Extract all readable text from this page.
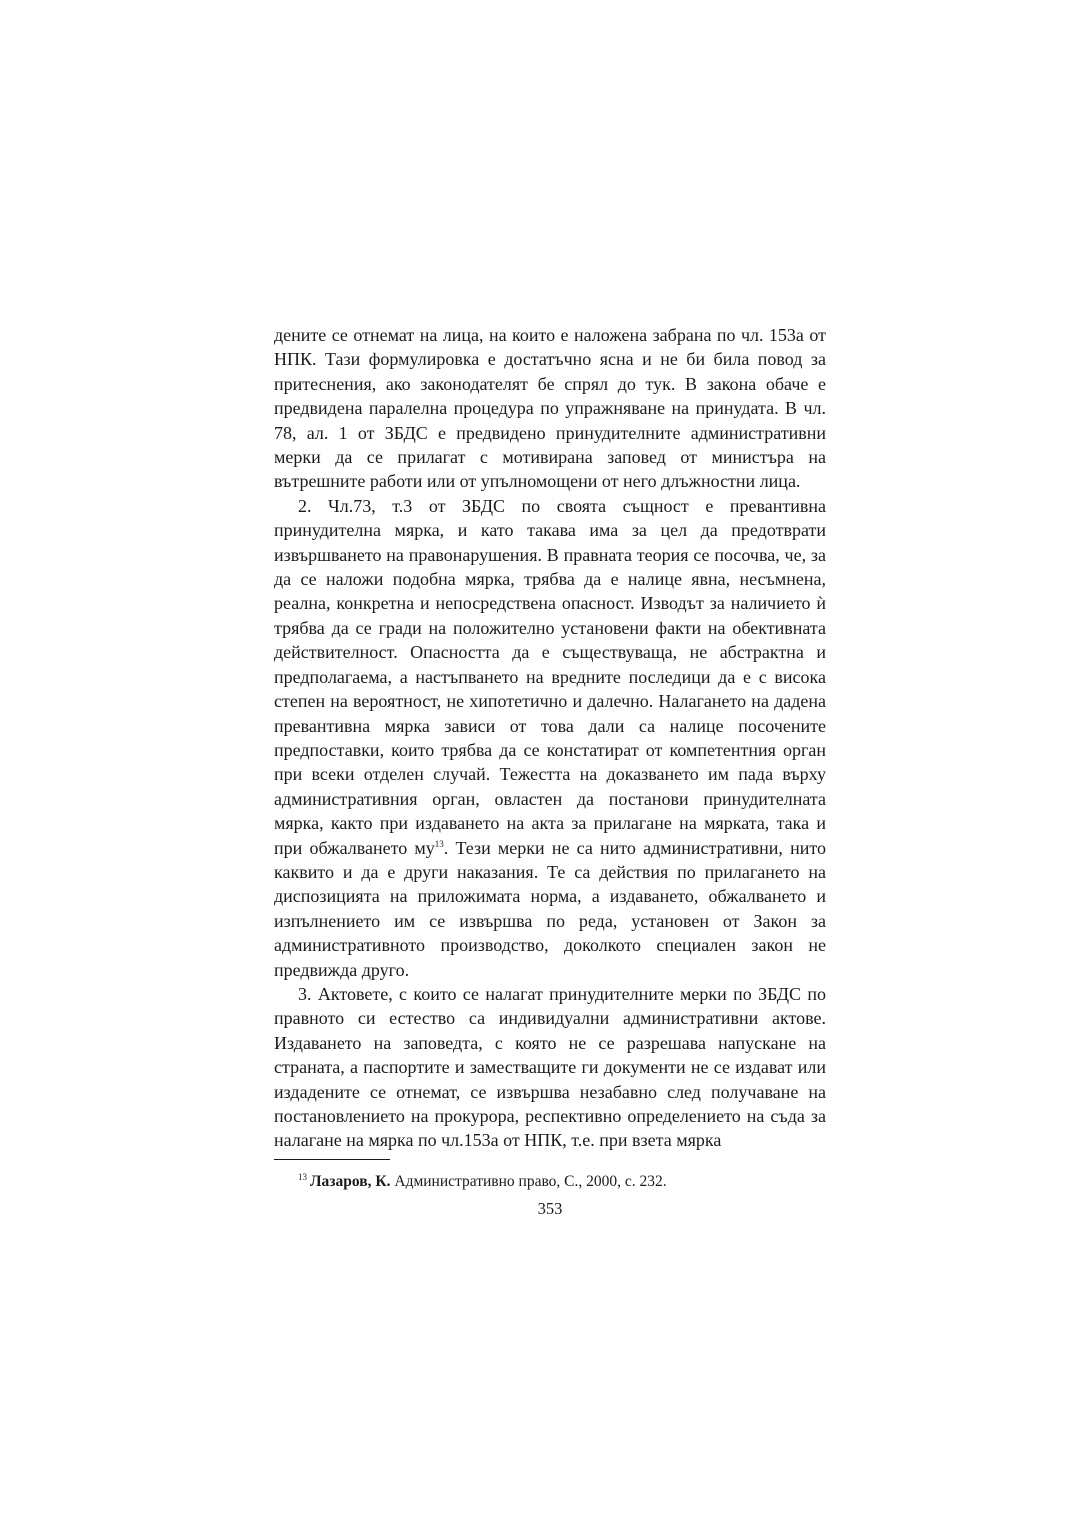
дените се отнемат на лица, на които е наложена забрана по чл. 153а от НПК. Тази формулировка е достатъчно ясна и не би била повод за притеснения, ако законодателят бе спрял до тук. В закона обаче е предвидена паралелна процедура по упражняване на принудата. В чл. 78, ал. 1 от ЗБДС е предвидено принудителните административни мерки да се прилагат с мотивирана заповед от министъра на вътрешните работи или от упълномощени от него длъжностни лица.

2. Чл.73, т.3 от ЗБДС по своята същност е превантивна принудителна мярка, и като такава има за цел да предотврати извършването на правонарушения. В правната теория се посочва, че, за да се наложи подобна мярка, трябва да е налице явна, несъмнена, реална, конкретна и непосредствена опасност. Изводът за наличието ѝ трябва да се гради на положително установени факти на обективната действителност. Опасността да е съществуваща, не абстрактна и предполагаема, а настъпването на вредните последици да е с висока степен на вероятност, не хипотетично и далечно. Налагането на дадена превантивна мярка зависи от това дали са налице посочените предпоставки, които трябва да се констатират от компетентния орган при всеки отделен случай. Тежестта на доказването им пада върху административния орган, овластен да постанови принудителната мярка, както при издаването на акта за прилагане на мярката, така и при обжалването му$^{13}$. Тези мерки не са нито административни, нито каквито и да е други наказания. Те са действия по прилагането на диспозицията на приложимата норма, а издаването, обжалването и изпълнението им се извършва по реда, установен от Закон за административното производство, доколкото специален закон не предвижда друго.

3. Актовете, с които се налагат принудителните мерки по ЗБДС по правното си естество са индивидуални административни актове. Издаването на заповедта, с която не се разрешава напускане на страната, а паспортите и заместващите ги документи не се издават или издадените се отнемат, се извършва незабавно след получаване на постановлението на прокурора, респективно определението на съда за налагане на мярка по чл.153а от НПК, т.е. при взета мярка

$^{13}$ Лазаров, К. Административно право, С., 2000, с. 232.
353
